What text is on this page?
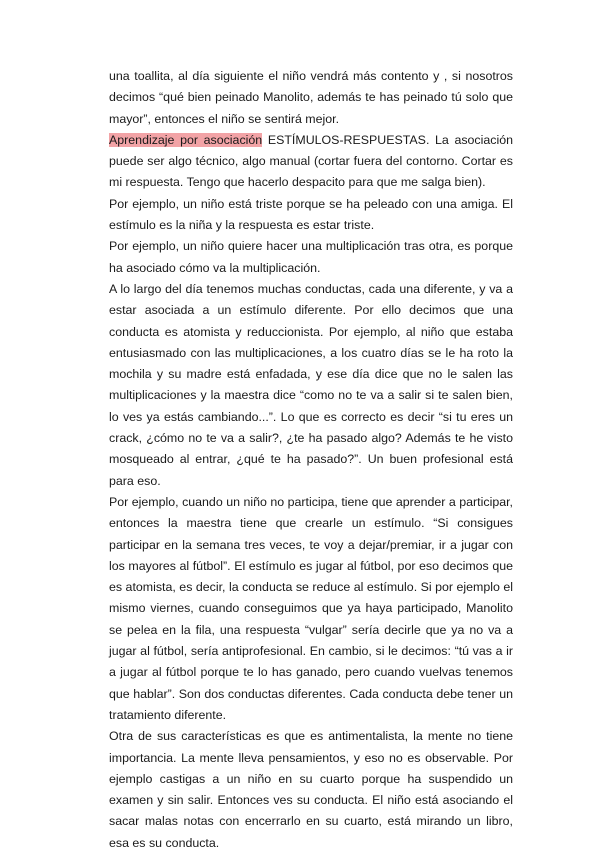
una toallita, al día siguiente el niño vendrá más contento y , si nosotros decimos “qué bien peinado Manolito, además te has peinado tú solo que mayor”, entonces el niño se sentirá mejor.

Aprendizaje por asociación ESTÍMULOS-RESPUESTAS. La asociación puede ser algo técnico, algo manual (cortar fuera del contorno. Cortar es mi respuesta. Tengo que hacerlo despacito para que me salga bien).

Por ejemplo, un niño está triste porque se ha peleado con una amiga. El estímulo es la niña y la respuesta es estar triste.

Por ejemplo, un niño quiere hacer una multiplicación tras otra, es porque ha asociado cómo va la multiplicación.

A lo largo del día tenemos muchas conductas, cada una diferente, y va a estar asociada a un estímulo diferente. Por ello decimos que una conducta es atomista y reduccionista. Por ejemplo, al niño que estaba entusiasmado con las multiplicaciones, a los cuatro días se le ha roto la mochila y su madre está enfadada, y ese día dice que no le salen las multiplicaciones y la maestra dice “como no te va a salir si te salen bien, lo ves ya estás cambiando...”. Lo que es correcto es decir “si tu eres un crack, ¿cómo no te va a salir?, ¿te ha pasado algo? Además te he visto mosqueado al entrar, ¿qué te ha pasado?”. Un buen profesional está para eso.

Por ejemplo, cuando un niño no participa, tiene que aprender a participar, entonces la maestra tiene que crearle un estímulo. “Si consigues participar en la semana tres veces, te voy a dejar/premiar, ir a jugar con los mayores al fútbol”. El estímulo es jugar al fútbol, por eso decimos que es atomista, es decir, la conducta se reduce al estímulo. Si por ejemplo el mismo viernes, cuando conseguimos que ya haya participado, Manolito se pelea en la fila, una respuesta “vulgar” sería decirle que ya no va a jugar al fútbol, sería antiprofesional. En cambio, si le decimos: “tú vas a ir a jugar al fútbol porque te lo has ganado, pero cuando vuelvas tenemos que hablar”. Son dos conductas diferentes. Cada conducta debe tener un tratamiento diferente.

Otra de sus características es que es antimentalista, la mente no tiene importancia. La mente lleva pensamientos, y eso no es observable. Por ejemplo castigas a un niño en su cuarto porque ha suspendido un examen y sin salir. Entonces ves su conducta. El niño está asociando el sacar malas notas con encerrarlo en su cuarto, está mirando un libro, esa es su conducta.
